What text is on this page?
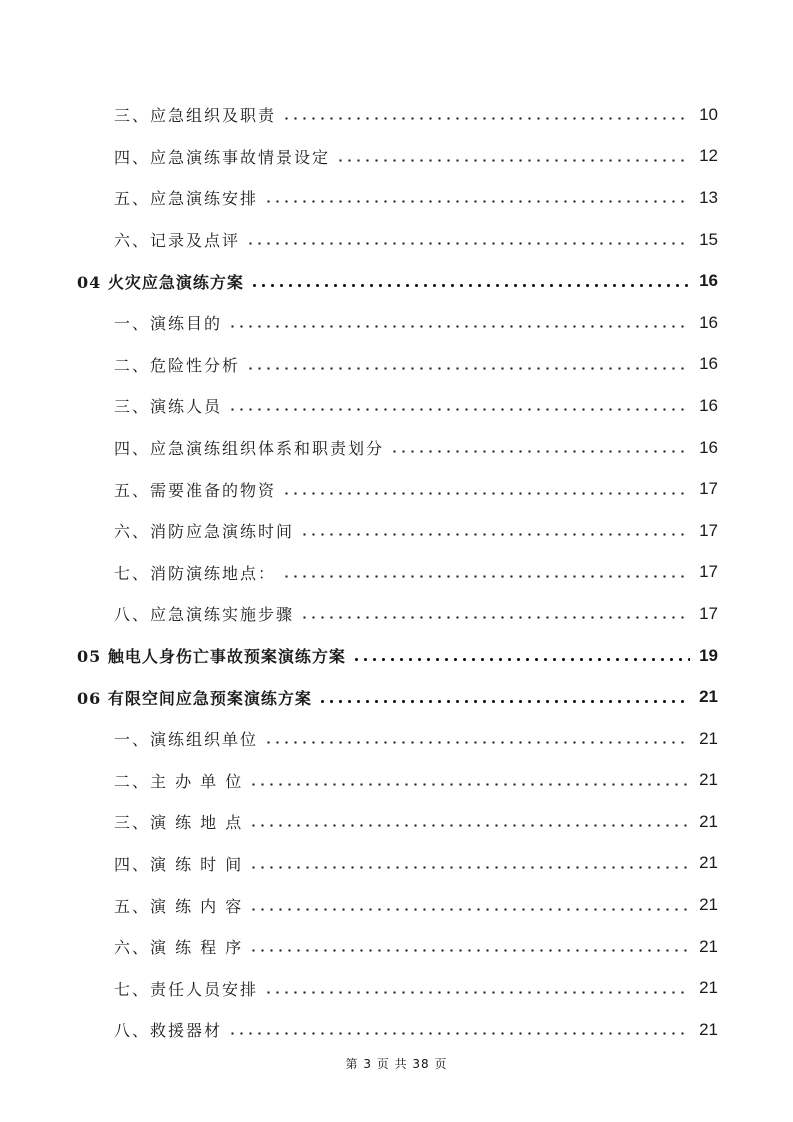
三、应急组织及职责	10
四、应急演练事故情景设定	12
五、应急演练安排	13
六、记录及点评	15
04 火灾应急演练方案	16
一、演练目的	16
二、危险性分析	16
三、演练人员	16
四、应急演练组织体系和职责划分	16
五、需要准备的物资	17
六、消防应急演练时间	17
七、消防演练地点：	17
八、应急演练实施步骤	17
05 触电人身伤亡事故预案演练方案	19
06 有限空间应急预案演练方案	21
一、演练组织单位	21
二、主 办 单 位	21
三、演 练 地 点	21
四、演 练 时 间	21
五、演 练 内 容	21
六、演 练 程 序	21
七、责任人员安排	21
八、救援器材	21
第 3 页 共 38 页
